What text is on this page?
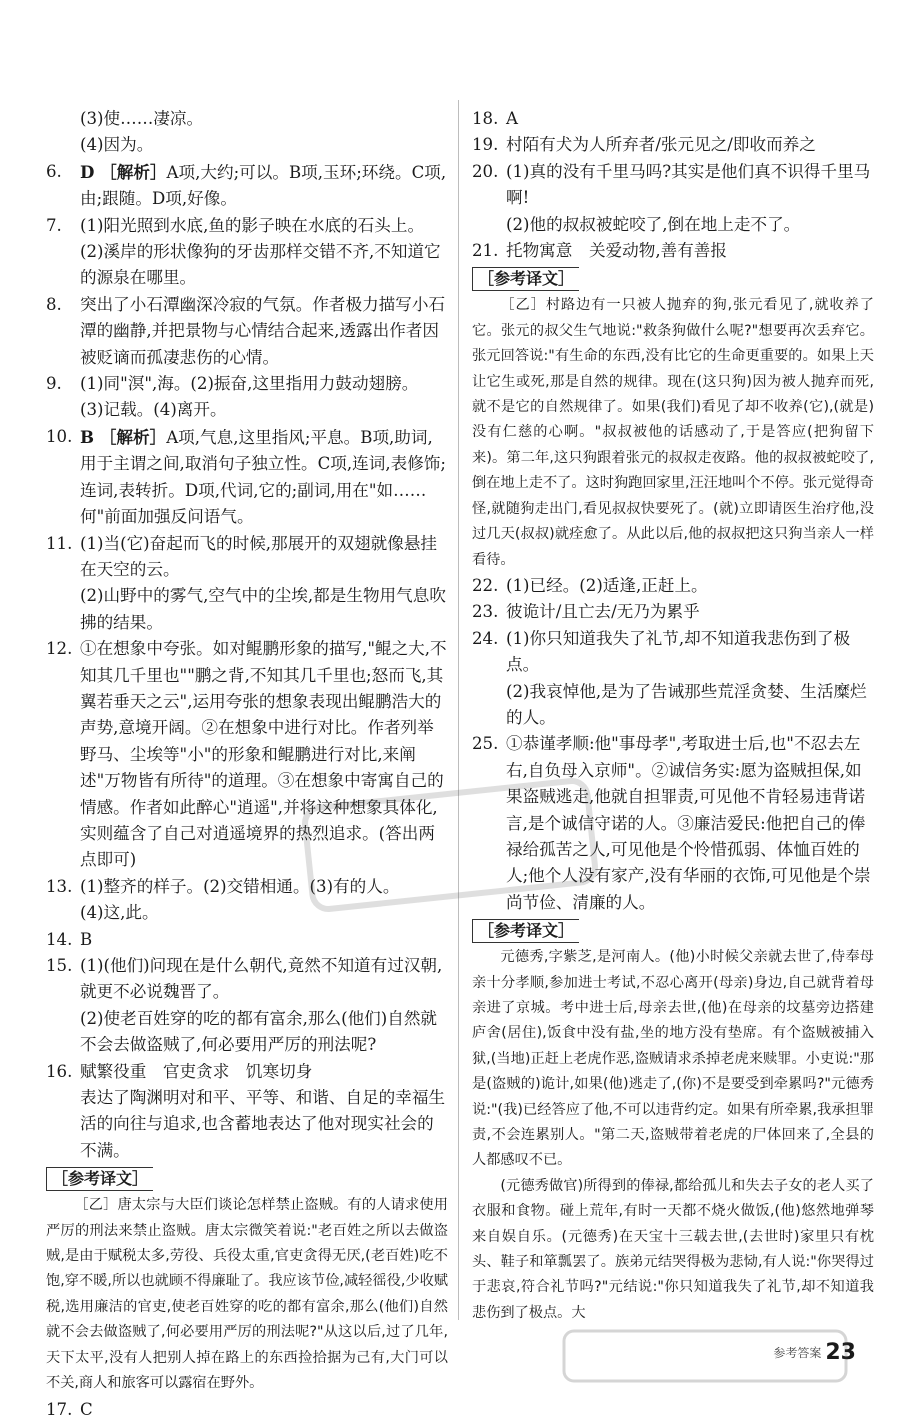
(3)使……凄凉。
(4)因为。
6.	D ［解析］A项,大约;可以。B项,玉环;环绕。C项,由;跟随。D项,好像。
7.	(1)阳光照到水底,鱼的影子映在水底的石头上。
(2)溪岸的形状像狗的牙齿那样交错不齐,不知道它的源泉在哪里。
8.	突出了小石潭幽深冷寂的气氛。作者极力描写小石潭的幽静,并把景物与心情结合起来,透露出作者因被贬谪而孤凄悲伤的心情。
9.	(1)同"溟",海。(2)振奋,这里指用力鼓动翅膀。
(3)记载。(4)离开。
10. B ［解析］A项,气息,这里指风;平息。B项,助词,用于主谓之间,取消句子独立性。C项,连词,表修饰;连词,表转折。D项,代词,它的;副词,用在"如……何"前面加强反问语气。
11. (1)当(它)奋起而飞的时候,那展开的双翅就像悬挂在天空的云。
(2)山野中的雾气,空气中的尘埃,都是生物用气息吹拂的结果。
12. ①在想象中夸张。如对鲲鹏形象的描写,"鲲之大,不知其几千里也""鹏之背,不知其几千里也;怒而飞,其翼若垂天之云",运用夸张的想象表现出鲲鹏浩大的声势,意境开阔。②在想象中进行对比。作者列举野马、尘埃等"小"的形象和鲲鹏进行对比,来阐述"万物皆有所待"的道理。③在想象中寄寓自己的情感。作者如此醉心"逍遥",并将这种想象具体化,实则蕴含了自己对逍遥境界的热烈追求。(答出两点即可)
13. (1)整齐的样子。(2)交错相通。(3)有的人。
(4)这,此。
14. B
15. (1)(他们)问现在是什么朝代,竟然不知道有过汉朝,就更不必说魏晋了。
(2)使老百姓穿的吃的都有富余,那么(他们)自然就不会去做盗贼了,何必要用严厉的刑法呢?
16. 赋繁役重　官吏贪求　饥寒切身
表达了陶渊明对和平、平等、和谐、自足的幸福生活的向往与追求,也含蓄地表达了他对现实社会的不满。
［参考译文］
［乙］唐太宗与大臣们谈论怎样禁止盗贼。有的人请求使用严厉的刑法来禁止盗贼。唐太宗微笑着说:"老百姓之所以去做盗贼,是由于赋税太多,劳役、兵役太重,官吏贪得无厌,(老百姓)吃不饱,穿不暖,所以也就顾不得廉耻了。我应该节俭,减轻徭役,少收赋税,选用廉洁的官吏,使老百姓穿的吃的都有富余,那么(他们)自然就不会去做盗贼了,何必要用严厉的刑法呢?"从这以后,过了几年,天下太平,没有人把别人掉在路上的东西捡拾据为己有,大门可以不关,商人和旅客可以露宿在野外。
17. C
18. A
19. 村陌有犬为人所弃者/张元见之/即收而养之
20. (1)真的没有千里马吗?其实是他们真不识得千里马啊!
(2)他的叔叔被蛇咬了,倒在地上走不了。
21. 托物寓意　关爱动物,善有善报
［参考译文］
［乙］村路边有一只被人抛弃的狗,张元看见了,就收养了它。张元的叔父生气地说:"救条狗做什么呢?"想要再次丢弃它。张元回答说:"有生命的东西,没有比它的生命更重要的。如果上天让它生或死,那是自然的规律。现在(这只狗)因为被人抛弃而死,就不是它的自然规律了。如果(我们)看见了却不收养(它),(就是)没有仁慈的心啊。"叔叔被他的话感动了,于是答应(把狗留下来)。第二年,这只狗跟着张元的叔叔走夜路。他的叔叔被蛇咬了,倒在地上走不了。这时狗跑回家里,汪汪地叫个不停。张元觉得奇怪,就随狗走出门,看见叔叔快要死了。(就)立即请医生治疗他,没过几天(叔叔)就痊愈了。从此以后,他的叔叔把这只狗当亲人一样看待。
22. (1)已经。(2)适逢,正赶上。
23. 彼诡计/且亡去/无乃为累乎
24. (1)你只知道我失了礼节,却不知道我悲伤到了极点。
(2)我哀悼他,是为了告诫那些荒淫贪婪、生活糜烂的人。
25. ①恭谨孝顺:他"事母孝",考取进士后,也"不忍去左右,自负母入京师"。②诚信务实:愿为盗贼担保,如果盗贼逃走,他就自担罪责,可见他不肯轻易违背诺言,是个诚信守诺的人。③廉洁爱民:他把自己的俸禄给孤苦之人,可见他是个怜惜孤弱、体恤百姓的人;他个人没有家产,没有华丽的衣饰,可见他是个崇尚节俭、清廉的人。
［参考译文］
元德秀,字紫芝,是河南人。(他)小时候父亲就去世了,侍奉母亲十分孝顺,参加进士考试,不忍心离开(母亲)身边,自己就背着母亲进了京城。考中进士后,母亲去世,(他)在母亲的坟墓旁边搭建庐舍(居住),饭食中没有盐,坐的地方没有垫席。有个盗贼被捕入狱,(当地)正赶上老虎作恶,盗贼请求杀掉老虎来赎罪。小吏说:"那是(盗贼的)诡计,如果(他)逃走了,(你)不是要受到牵累吗?"元德秀说:"(我)已经答应了他,不可以违背约定。如果有所牵累,我承担罪责,不会连累别人。"第二天,盗贼带着老虎的尸体回来了,全县的人都感叹不已。
(元德秀做官)所得到的俸禄,都给孤儿和失去子女的老人买了衣服和食物。碰上荒年,有时一天都不烧火做饭,(他)悠然地弹琴来自娱自乐。(元德秀)在天宝十三载去世,(去世时)家里只有枕头、鞋子和箪瓢罢了。族弟元结哭得极为悲恸,有人说:"你哭得过于悲哀,符合礼节吗?"元结说:"你只知道我失了礼节,却不知道我悲伤到了极点。大
参考答案 23
